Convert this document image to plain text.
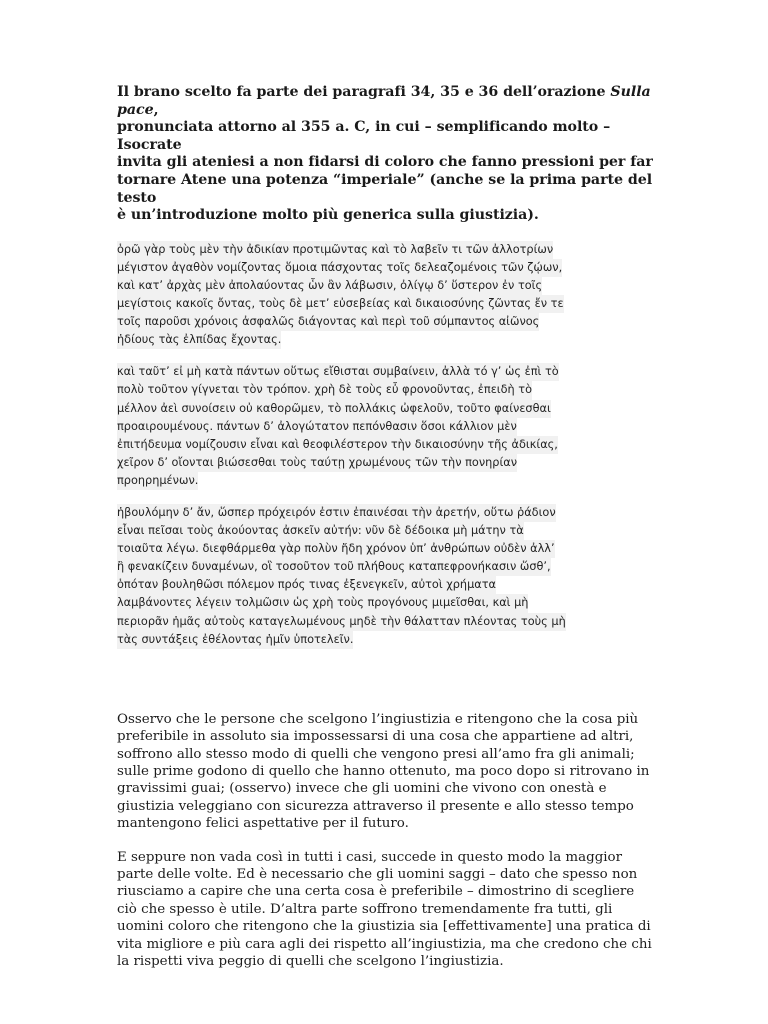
Il brano scelto fa parte dei paragrafi 34, 35 e 36 dell’orazione Sulla pace,
pronunciata attorno al 355 a. C, in cui – semplificando molto – Isocrate
invita gli ateniesi a non fidarsi di coloro che fanno pressioni per far
tornare Atene una potenza “imperiale” (anche se la prima parte del testo
è un’introduzione molto più generica sulla giustizia).

ὁρῶ γὰρ τοὺς μὲν τὴν ἀδικίαν προτιμῶντας καὶ τὸ λαβεῖν τι τῶν ἀλλοτρίων
μέγιστον ἀγαθὸν νομίζοντας ὅμοια πάσχοντας τοῖς δελεαζομένοις τῶν ζῴων,
καὶ κατʼ ἀρχὰς μὲν ἀπολαύοντας ὧν ἂν λάβωσιν, ὀλίγῳ δʼ ὕστερον ἐν τοῖς
μεγίστοις κακοῖς ὄντας, τοὺς δὲ μετʼ εὐσεβείας καὶ δικαιοσύνης ζῶντας ἔν τε
τοῖς παροῦσι χρόνοις ἀσφαλῶς διάγοντας καὶ περὶ τοῦ σύμπαντος αἰῶνος
ἡδίους τὰς ἐλπίδας ἔχοντας.
καὶ ταῦτʼ εἰ μὴ κατὰ πάντων οὕτως εἴθισται συμβαίνειν, ἀλλὰ τό γʼ ὡς ἐπὶ τὸ
πολὺ τοῦτον γίγνεται τὸν τρόπον. χρὴ δὲ τοὺς εὖ φρονοῦντας, ἐπειδὴ τὸ
μέλλον ἀεὶ συνοίσειν οὐ καθορῶμεν, τὸ πολλάκις ὠφελοῦν, τοῦτο φαίνεσθαι
προαιρουμένους. πάντων δʼ ἀλογώτατον πεπόνθασιν ὅσοι κάλλιον μὲν
ἐπιτήδευμα νομίζουσιν εἶναι καὶ θεοφιλέστερον τὴν δικαιοσύνην τῆς ἀδικίας,
χεῖρον δʼ οἴονται βιώσεσθαι τοὺς ταύτῃ χρωμένους τῶν τὴν πονηρίαν
προηρημένων.
ἠβουλόμην δʼ ἄν, ὥσπερ πρόχειρόν ἐστιν ἐπαινέσαι τὴν ἀρετήν, οὕτω ῥάδιον
εἶναι πεῖσαι τοὺς ἀκούοντας ἀσκεῖν αὐτήν: νῦν δὲ δέδοικα μὴ μάτην τὰ
τοιαῦτα λέγω. διεφθάρμεθα γὰρ πολὺν ἤδη χρόνον ὑπʼ ἀνθρώπων οὐδὲν ἀλλʼ
ἢ φενακίζειν δυναμένων, οἳ τοσοῦτον τοῦ πλήθους καταπεφρονήκασιν ὥσθʼ,
ὁπόταν βουληθῶσι πόλεμον πρός τινας ἐξενεγκεῖν, αὐτοὶ χρήματα
λαμβάνοντες λέγειν τολμῶσιν ὡς χρὴ τοὺς προγόνους μιμεῖσθαι, καὶ μὴ
περιορᾶν ἡμᾶς αὐτοὺς καταγελωμένους μηδὲ τὴν θάλατταν πλέοντας τοὺς μὴ
τὰς συντάξεις ἐθέλοντας ἡμῖν ὑποτελεῖν.
Osservo che le persone che scelgono l’ingiustizia e ritengono che la cosa più
preferibile in assoluto sia impossessarsi di una cosa che appartiene ad altri,
soffrono allo stesso modo di quelli che vengono presi all’amo fra gli animali;
sulle prime godono di quello che hanno ottenuto, ma poco dopo si ritrovano in
gravissimi guai; (osservo) invece che gli uomini che vivono con onestà e
giustizia veleggiano con sicurezza attraverso il presente e allo stesso tempo
mantengono felici aspettative per il futuro.
E seppure non vada così in tutti i casi, succede in questo modo la maggior
parte delle volte. Ed è necessario che gli uomini saggi – dato che spesso non
riusciamo a capire che una certa cosa è preferibile – dimostrino di scegliere
ciò che spesso è utile. D’altra parte soffrono tremendamente fra tutti, gli
uomini coloro che ritengono che la giustizia sia [effettivamente] una pratica di
vita migliore e più cara agli dei rispetto all’ingiustizia, ma che credono che chi
la rispetti viva peggio di quelli che scelgono l’ingiustizia.
